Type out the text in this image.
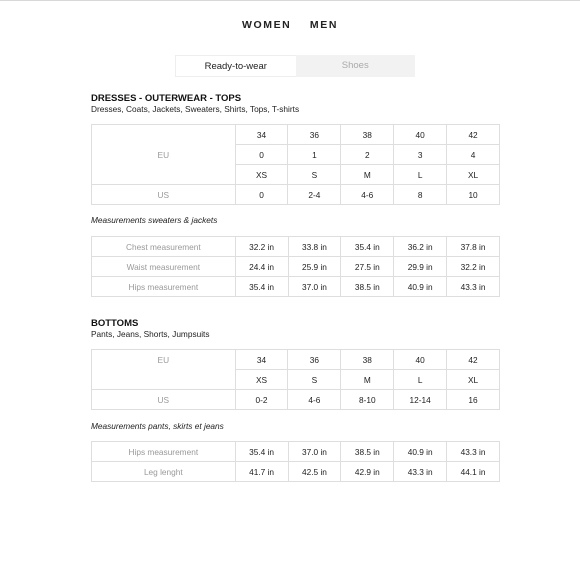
WOMEN MEN
Ready-to-wear	Shoes
DRESSES - OUTERWEAR - TOPS
Dresses, Coats, Jackets, Sweaters, Shirts, Tops, T-shirts
EU	34	36	38	40	42
	0	1	2	3	4
	XS	S	M	L	XL
US	0	2-4	4-6	8	10
Measurements sweaters & jackets
Chest measurement	32.2 in	33.8 in	35.4 in	36.2 in	37.8 in
Waist measurement	24.4 in	25.9 in	27.5 in	29.9 in	32.2 in
Hips measurement	35.4 in	37.0 in	38.5 in	40.9 in	43.3 in
BOTTOMS
Pants, Jeans, Shorts, Jumpsuits
EU	34	36	38	40	42
	XS	S	M	L	XL
US	0-2	4-6	8-10	12-14	16
Measurements pants, skirts et jeans
Hips measurement	35.4 in	37.0 in	38.5 in	40.9 in	43.3 in
Leg lenght	41.7 in	42.5 in	42.9 in	43.3 in	44.1 in
